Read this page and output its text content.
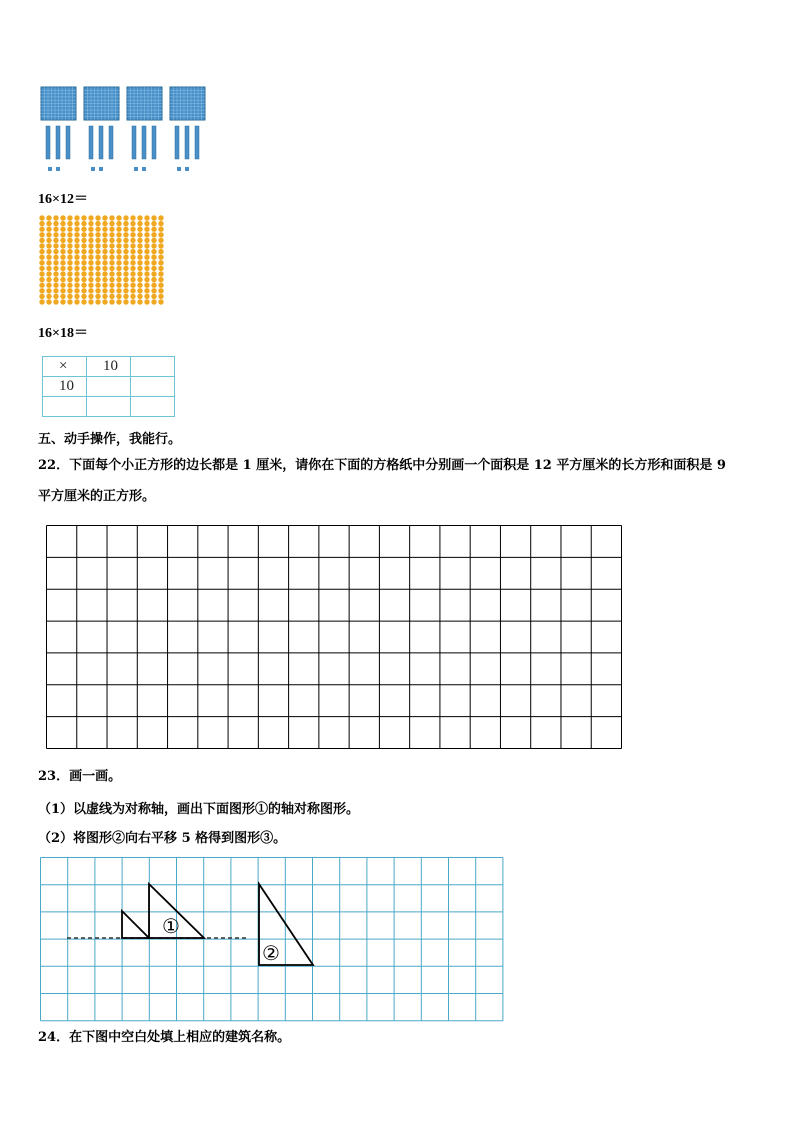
16×12＝
16×18＝
×	10	
10		

五、动手操作，我能行。
22．下面每个小正方形的边长都是 1 厘米，请你在下面的方格纸中分别画一个面积是 12 平方厘米的长方形和面积是 9
平方厘米的正方形。
23．画一画。
（1）以虚线为对称轴，画出下面图形①的轴对称图形。
（2）将图形②向右平移 5 格得到图形③。
①
②
24．在下图中空白处填上相应的建筑名称。
